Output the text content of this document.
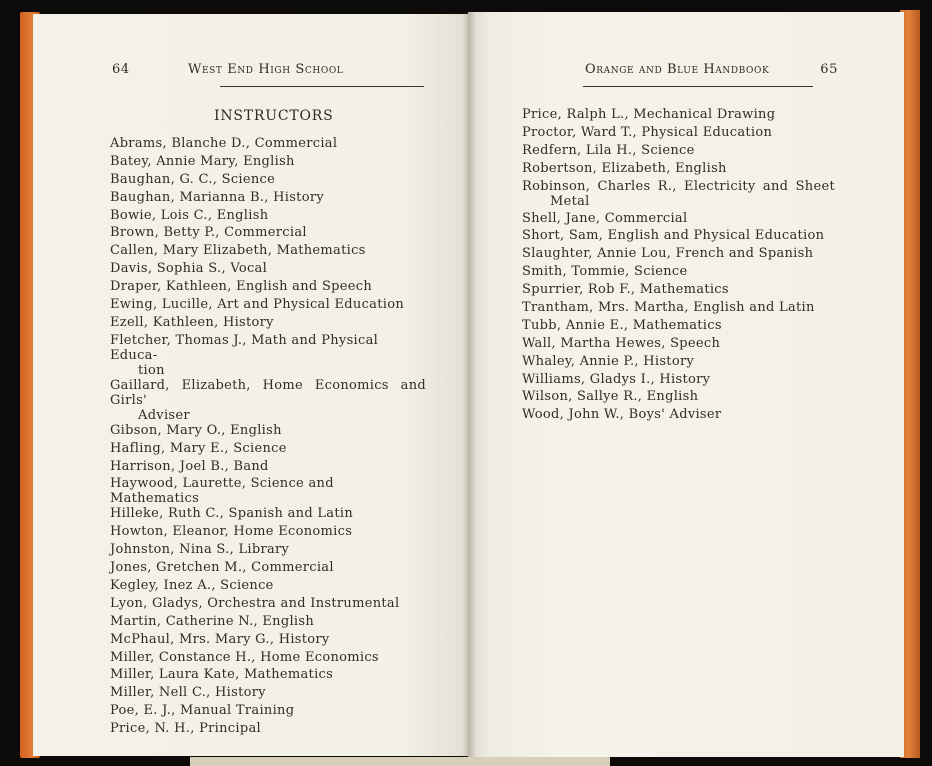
64	West End High School	Orange and Blue Handbook	65
INSTRUCTORS
Abrams, Blanche D., Commercial
Batey, Annie Mary, English
Baughan, G. C., Science
Baughan, Marianna B., History
Bowie, Lois C., English
Brown, Betty P., Commercial
Callen, Mary Elizabeth, Mathematics
Davis, Sophia S., Vocal
Draper, Kathleen, English and Speech
Ewing, Lucille, Art and Physical Education
Ezell, Kathleen, History
Fletcher, Thomas J., Math and Physical Educa-
tion
Gaillard, Elizabeth, Home Economics and Girls'
Adviser
Gibson, Mary O., English
Hafling, Mary E., Science
Harrison, Joel B., Band
Haywood, Laurette, Science and Mathematics
Hilleke, Ruth C., Spanish and Latin
Howton, Eleanor, Home Economics
Johnston, Nina S., Library
Jones, Gretchen M., Commercial
Kegley, Inez A., Science
Lyon, Gladys, Orchestra and Instrumental
Martin, Catherine N., English
McPhaul, Mrs. Mary G., History
Miller, Constance H., Home Economics
Miller, Laura Kate, Mathematics
Miller, Nell C., History
Poe, E. J., Manual Training
Price, N. H., Principal
Price, Ralph L., Mechanical Drawing
Proctor, Ward T., Physical Education
Redfern, Lila H., Science
Robertson, Elizabeth, English
Robinson, Charles R., Electricity and Sheet
Metal
Shell, Jane, Commercial
Short, Sam, English and Physical Education
Slaughter, Annie Lou, French and Spanish
Smith, Tommie, Science
Spurrier, Rob F., Mathematics
Trantham, Mrs. Martha, English and Latin
Tubb, Annie E., Mathematics
Wall, Martha Hewes, Speech
Whaley, Annie P., History
Williams, Gladys I., History
Wilson, Sallye R., English
Wood, John W., Boys' Adviser
